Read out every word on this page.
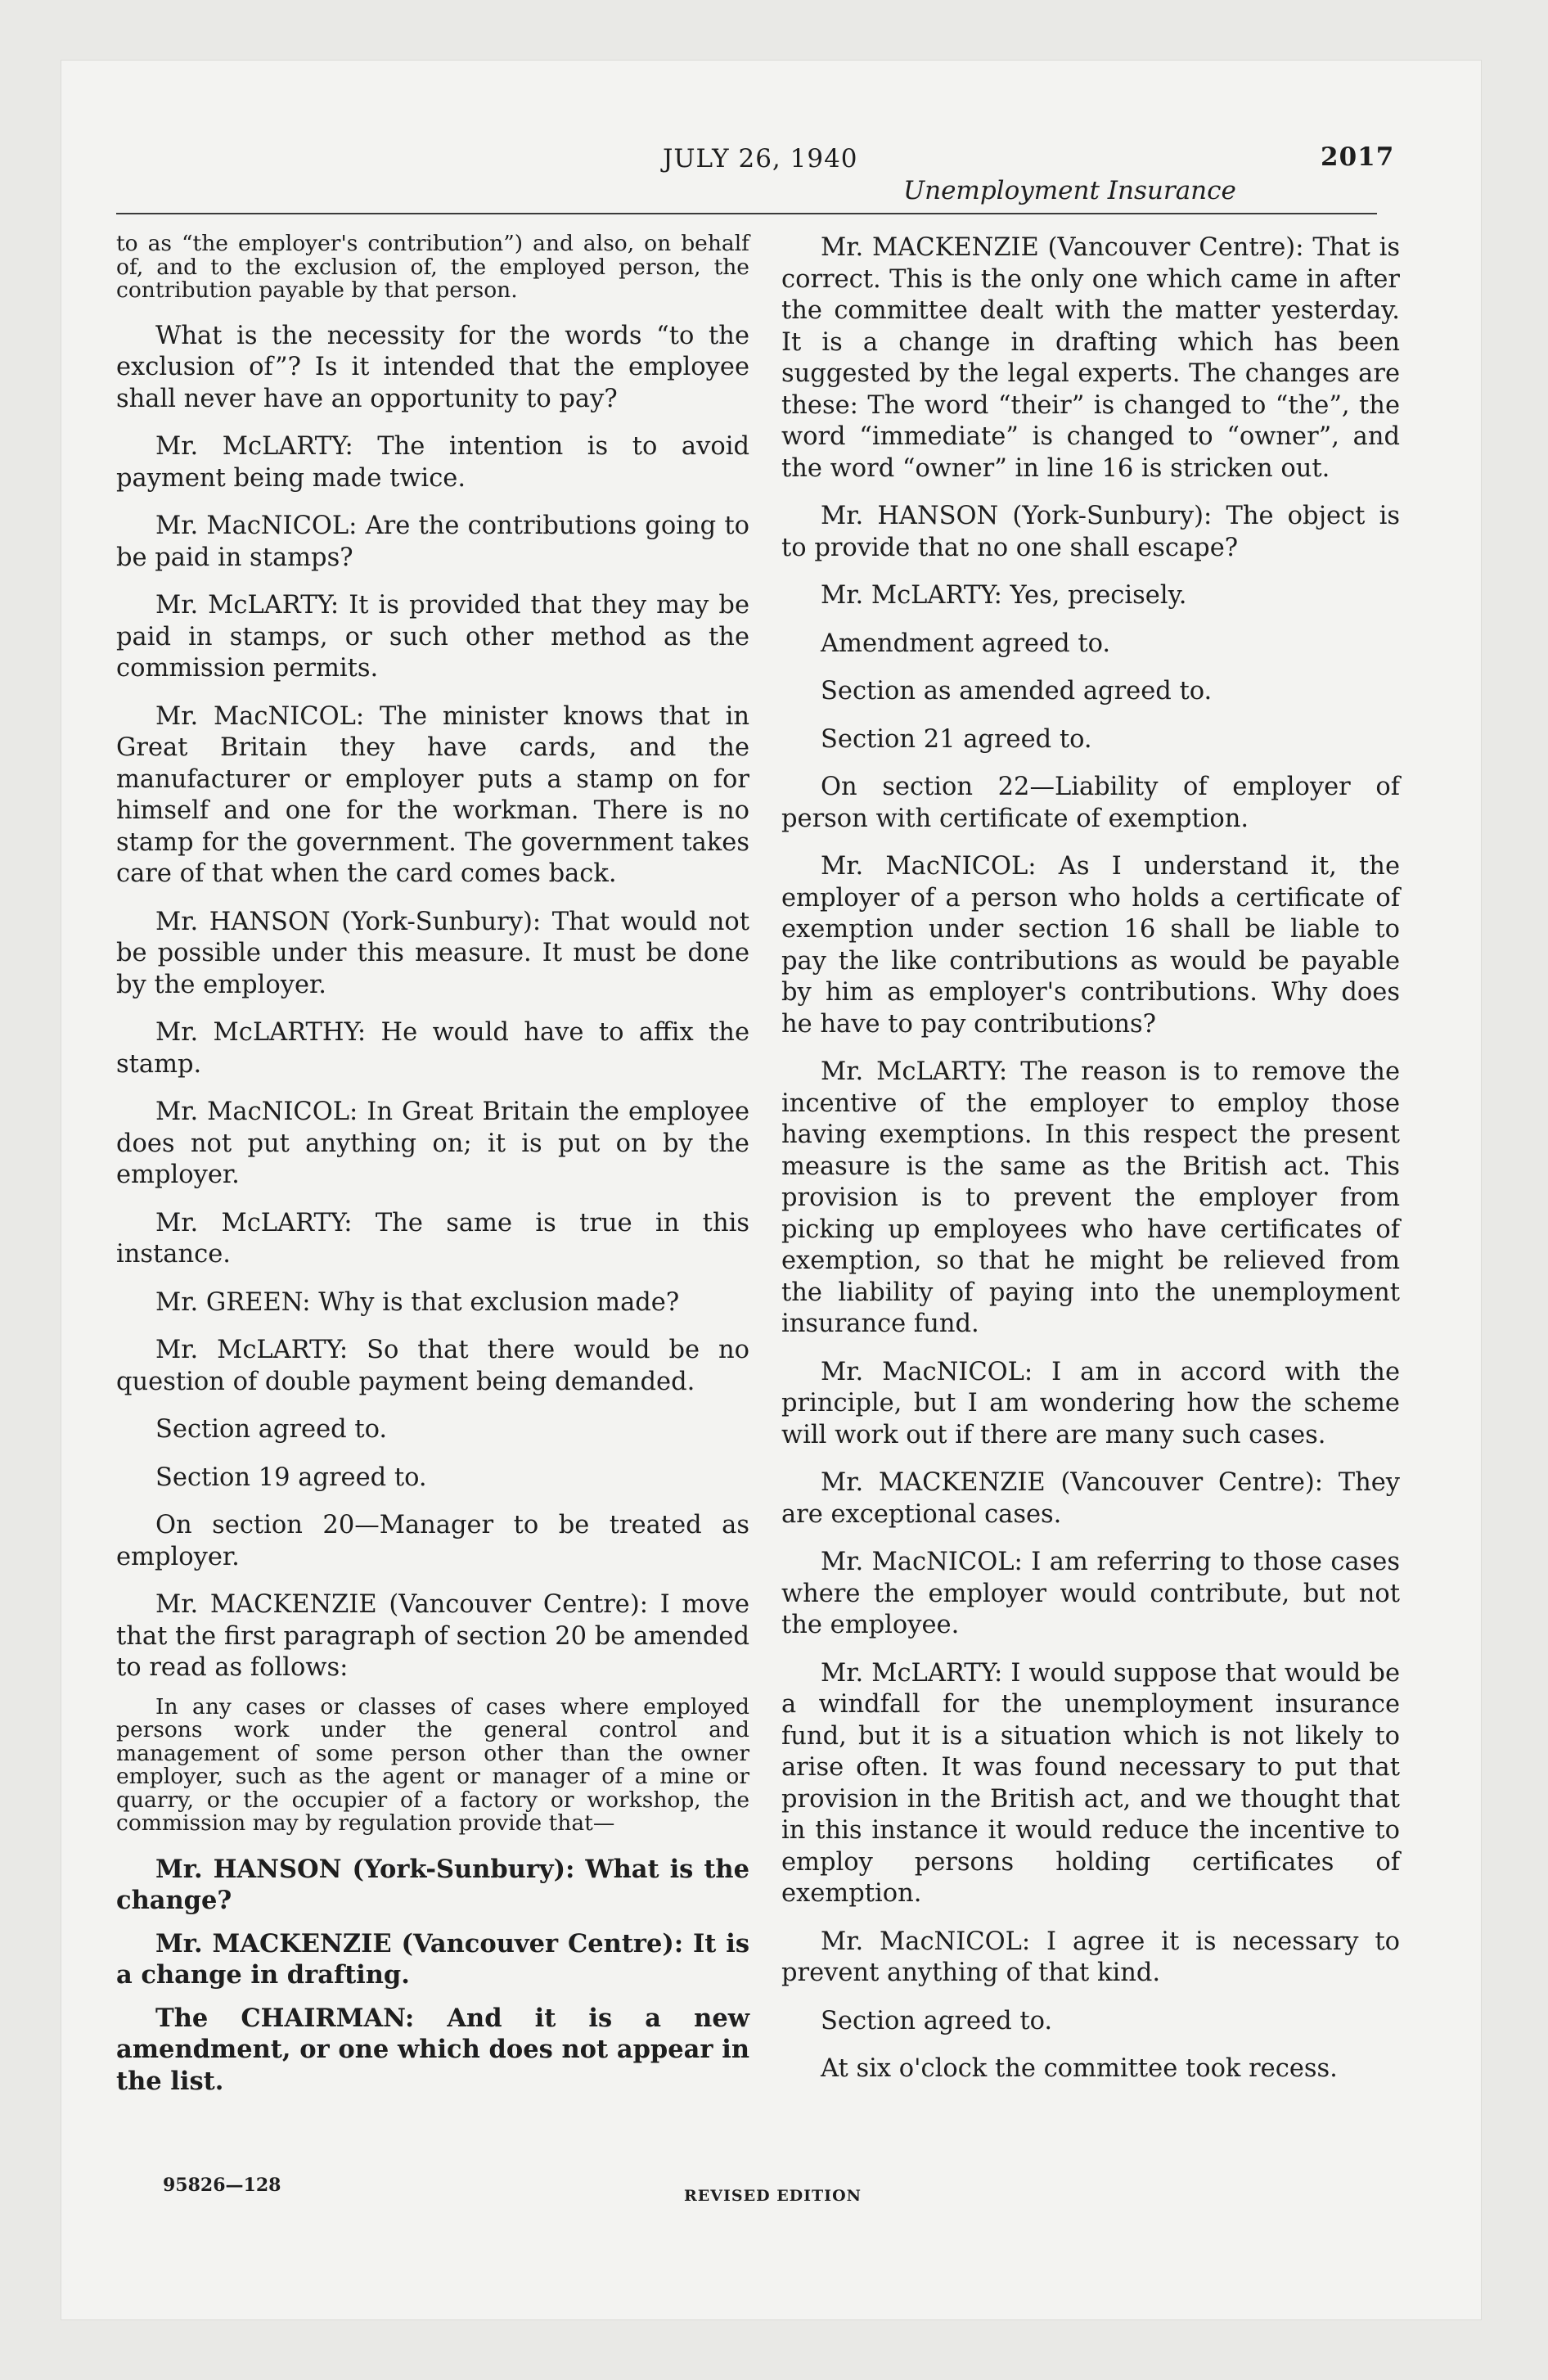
JULY 26, 1940	2017
Unemployment Insurance

to as “the employer's contribution”) and also, on behalf of, and to the exclusion of, the employed person, the contribution payable by that person.

What is the necessity for the words “to the exclusion of”? Is it intended that the employee shall never have an opportunity to pay?

Mr. McLARTY: The intention is to avoid payment being made twice.

Mr. MacNICOL: Are the contributions going to be paid in stamps?

Mr. McLARTY: It is provided that they may be paid in stamps, or such other method as the commission permits.

Mr. MacNICOL: The minister knows that in Great Britain they have cards, and the manufacturer or employer puts a stamp on for himself and one for the workman. There is no stamp for the government. The government takes care of that when the card comes back.

Mr. HANSON (York-Sunbury): That would not be possible under this measure. It must be done by the employer.

Mr. McLARTHY: He would have to affix the stamp.

Mr. MacNICOL: In Great Britain the employee does not put anything on; it is put on by the employer.

Mr. McLARTY: The same is true in this instance.

Mr. GREEN: Why is that exclusion made?

Mr. McLARTY: So that there would be no question of double payment being demanded.

Section agreed to.

Section 19 agreed to.

On section 20—Manager to be treated as employer.

Mr. MACKENZIE (Vancouver Centre): I move that the first paragraph of section 20 be amended to read as follows:

In any cases or classes of cases where employed persons work under the general control and management of some person other than the owner employer, such as the agent or manager of a mine or quarry, or the occupier of a factory or workshop, the commission may by regulation provide that—

Mr. HANSON (York-Sunbury): What is the change?

Mr. MACKENZIE (Vancouver Centre): It is a change in drafting.

The CHAIRMAN: And it is a new amendment, or one which does not appear in the list.

Mr. MACKENZIE (Vancouver Centre): That is correct. This is the only one which came in after the committee dealt with the matter yesterday. It is a change in drafting which has been suggested by the legal experts. The changes are these: The word “their” is changed to “the”, the word “immediate” is changed to “owner”, and the word “owner” in line 16 is stricken out.

Mr. HANSON (York-Sunbury): The object is to provide that no one shall escape?

Mr. McLARTY: Yes, precisely.

Amendment agreed to.

Section as amended agreed to.

Section 21 agreed to.

On section 22—Liability of employer of person with certificate of exemption.

Mr. MacNICOL: As I understand it, the employer of a person who holds a certificate of exemption under section 16 shall be liable to pay the like contributions as would be payable by him as employer's contributions. Why does he have to pay contributions?

Mr. McLARTY: The reason is to remove the incentive of the employer to employ those having exemptions. In this respect the present measure is the same as the British act. This provision is to prevent the employer from picking up employees who have certificates of exemption, so that he might be relieved from the liability of paying into the unemployment insurance fund.

Mr. MacNICOL: I am in accord with the principle, but I am wondering how the scheme will work out if there are many such cases.

Mr. MACKENZIE (Vancouver Centre): They are exceptional cases.

Mr. MacNICOL: I am referring to those cases where the employer would contribute, but not the employee.

Mr. McLARTY: I would suppose that would be a windfall for the unemployment insurance fund, but it is a situation which is not likely to arise often. It was found necessary to put that provision in the British act, and we thought that in this instance it would reduce the incentive to employ persons holding certificates of exemption.

Mr. MacNICOL: I agree it is necessary to prevent anything of that kind.

Section agreed to.

At six o'clock the committee took recess.

95826—128	REVISED EDITION
